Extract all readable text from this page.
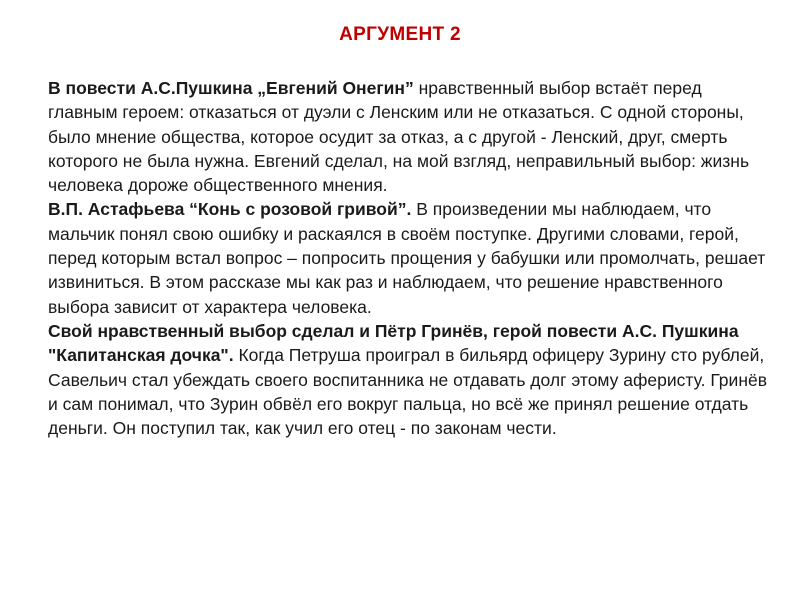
АРГУМЕНТ 2

В повести А.С.Пушкина „Евгений Онегин” нравственный выбор встаёт перед главным героем: отказаться от дуэли с Ленским или не отказаться. С одной стороны, было мнение общества, которое осудит за отказ, а с другой - Ленский, друг, смерть которого не была нужна. Евгений сделал, на мой взгляд, неправильный выбор: жизнь человека дороже общественного мнения.

В.П. Астафьева “Конь с розовой гривой”. В произведении мы наблюдаем, что мальчик понял свою ошибку и раскаялся в своём поступке. Другими словами, герой, перед которым встал вопрос – попросить прощения у бабушки или промолчать, решает извиниться. В этом рассказе мы как раз и наблюдаем, что решение нравственного выбора зависит от характера человека.

Свой нравственный выбор сделал и Пётр Гринёв, герой повести А.С. Пушкина "Капитанская дочка". Когда Петруша проиграл в бильярд офицеру Зурину сто рублей, Савельич стал убеждать своего воспитанника не отдавать долг этому аферисту. Гринёв и сам понимал, что Зурин обвёл его вокруг пальца, но всё же принял решение отдать деньги. Он поступил так, как учил его отец - по законам чести.
